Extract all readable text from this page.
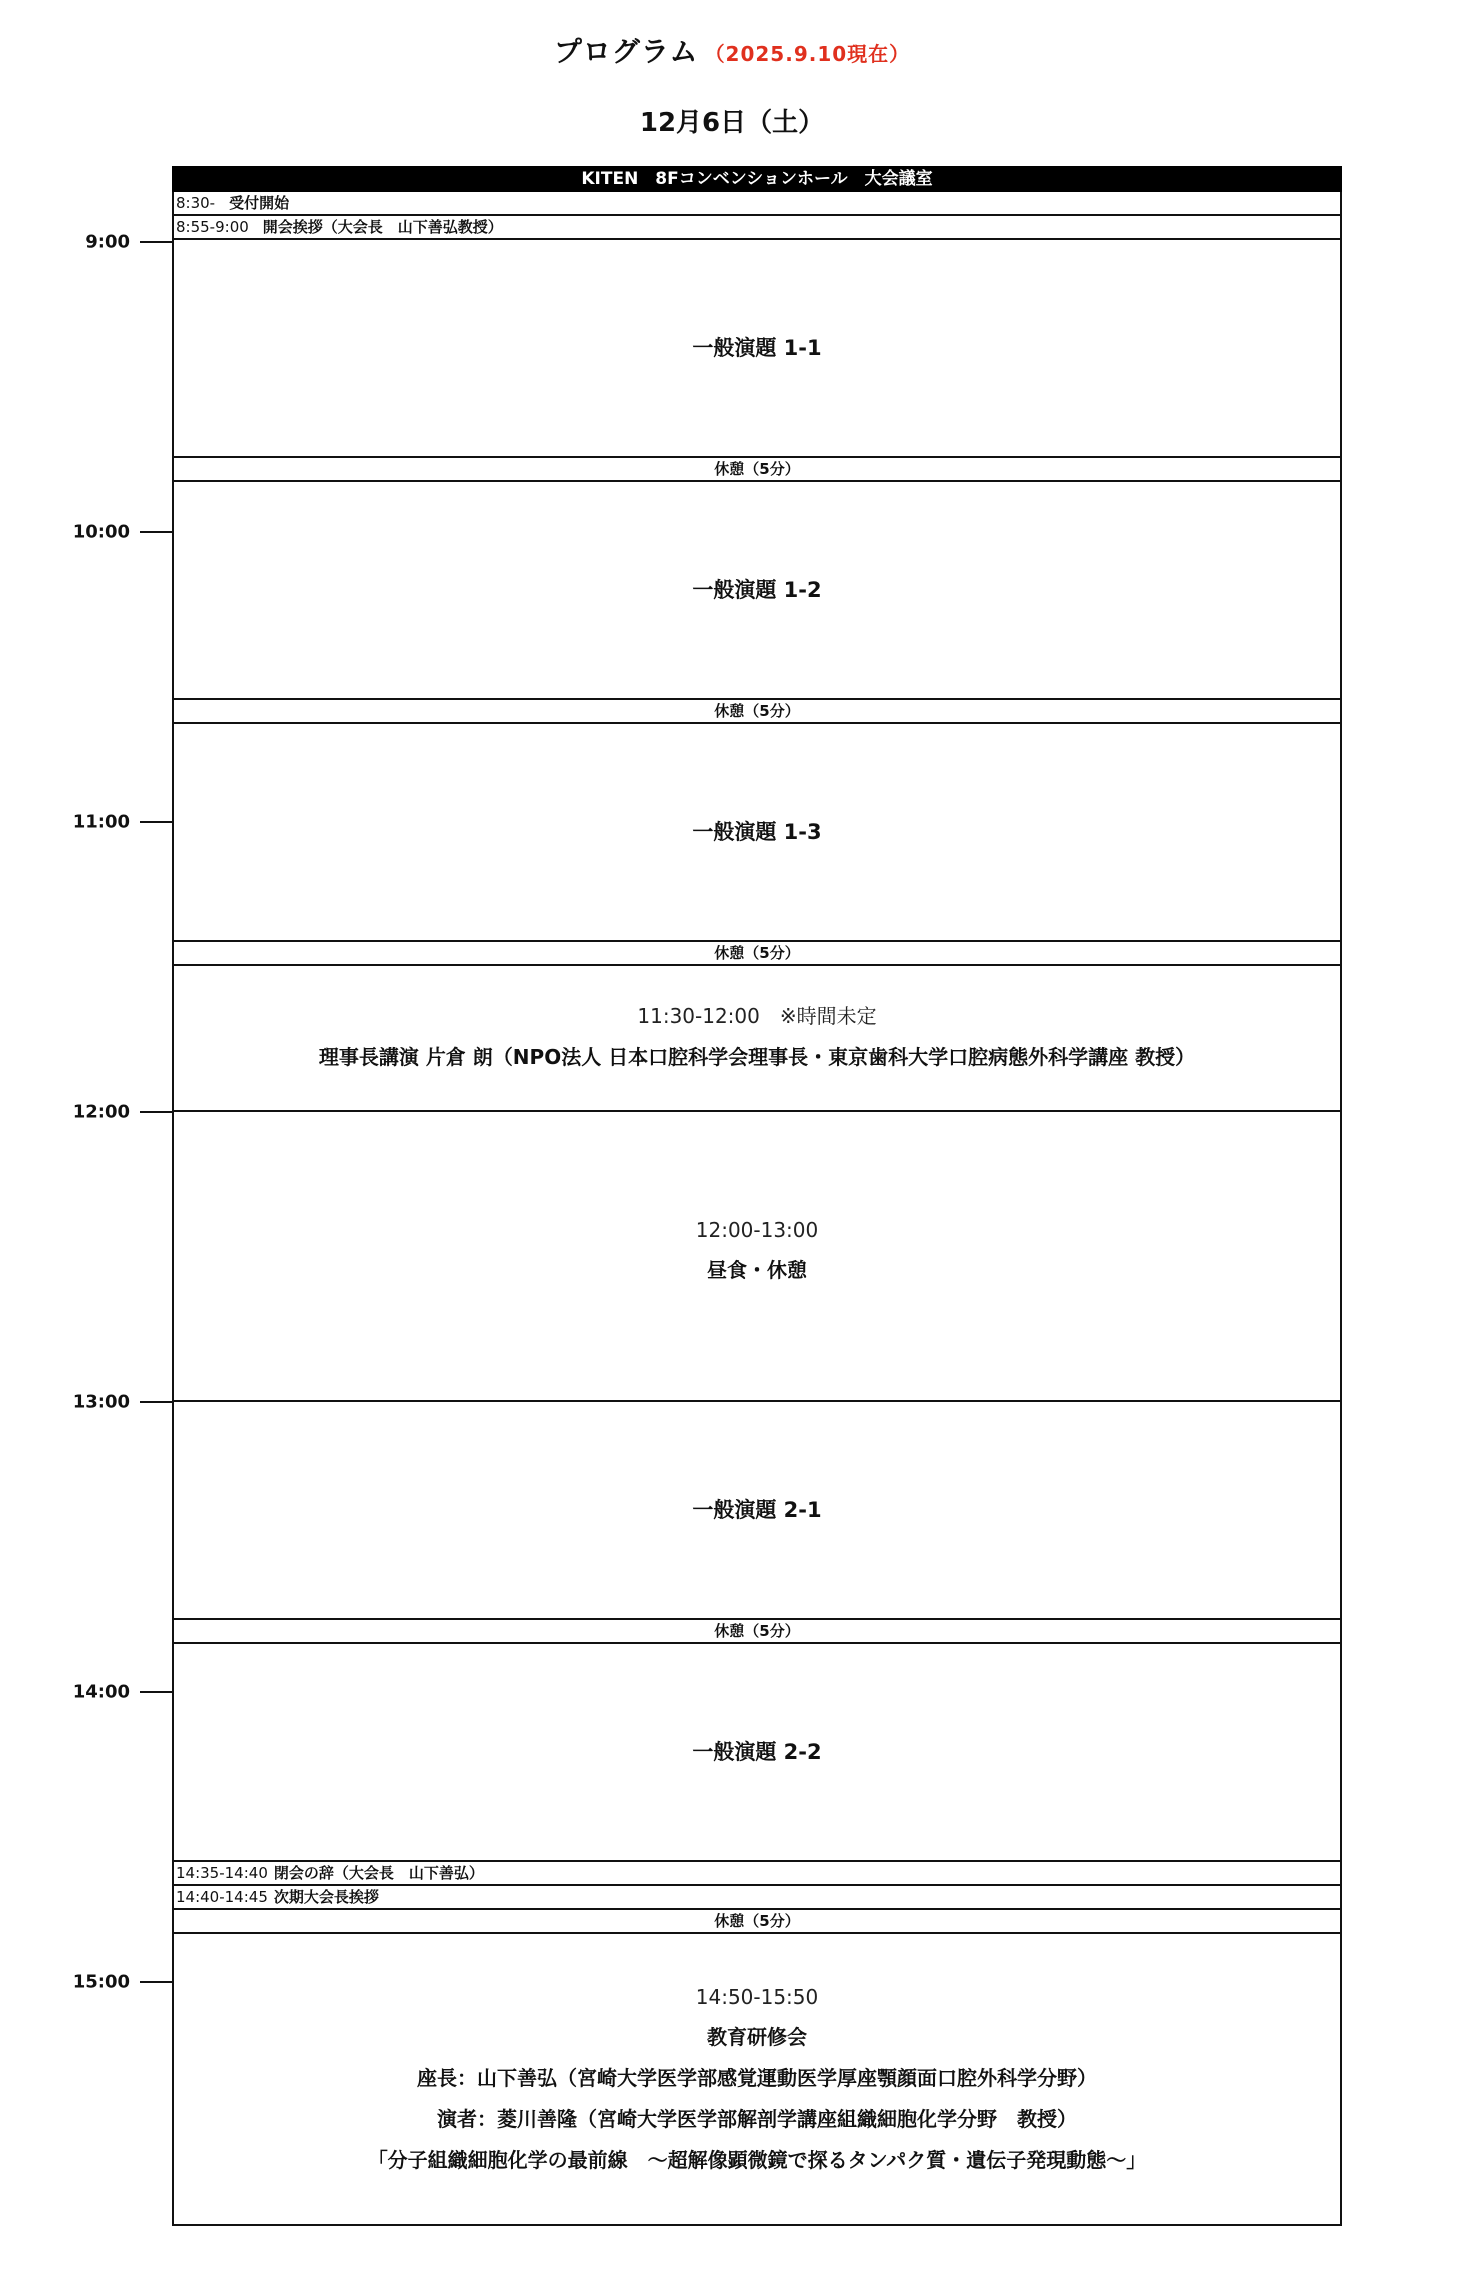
プログラム （2025.9.10現在）
12月6日（土）
9:00
10:00
11:00
12:00
13:00
14:00
15:00
KITEN　8Fコンベンションホール　大会議室
8:30- 受付開始
8:55-9:00 開会挨拶（大会長　山下善弘教授）
一般演題 1-1
休憩（5分）
一般演題 1-2
休憩（5分）
一般演題 1-3
休憩（5分）
11:30-12:00　※時間未定
理事長講演 片倉 朗（NPO法人 日本口腔科学会理事長・東京歯科大学口腔病態外科学講座 教授）
12:00-13:00
昼食・休憩
一般演題 2-1
休憩（5分）
一般演題 2-2
14:35-14:40 閉会の辞（大会長　山下善弘）
14:40-14:45 次期大会長挨拶
休憩（5分）
14:50-15:50
教育研修会
座長：山下善弘（宮崎大学医学部感覚運動医学厚座顎顔面口腔外科学分野）
演者：菱川善隆（宮崎大学医学部解剖学講座組織細胞化学分野　教授）
「分子組織細胞化学の最前線　～超解像顕微鏡で探るタンパク質・遺伝子発現動態～」
